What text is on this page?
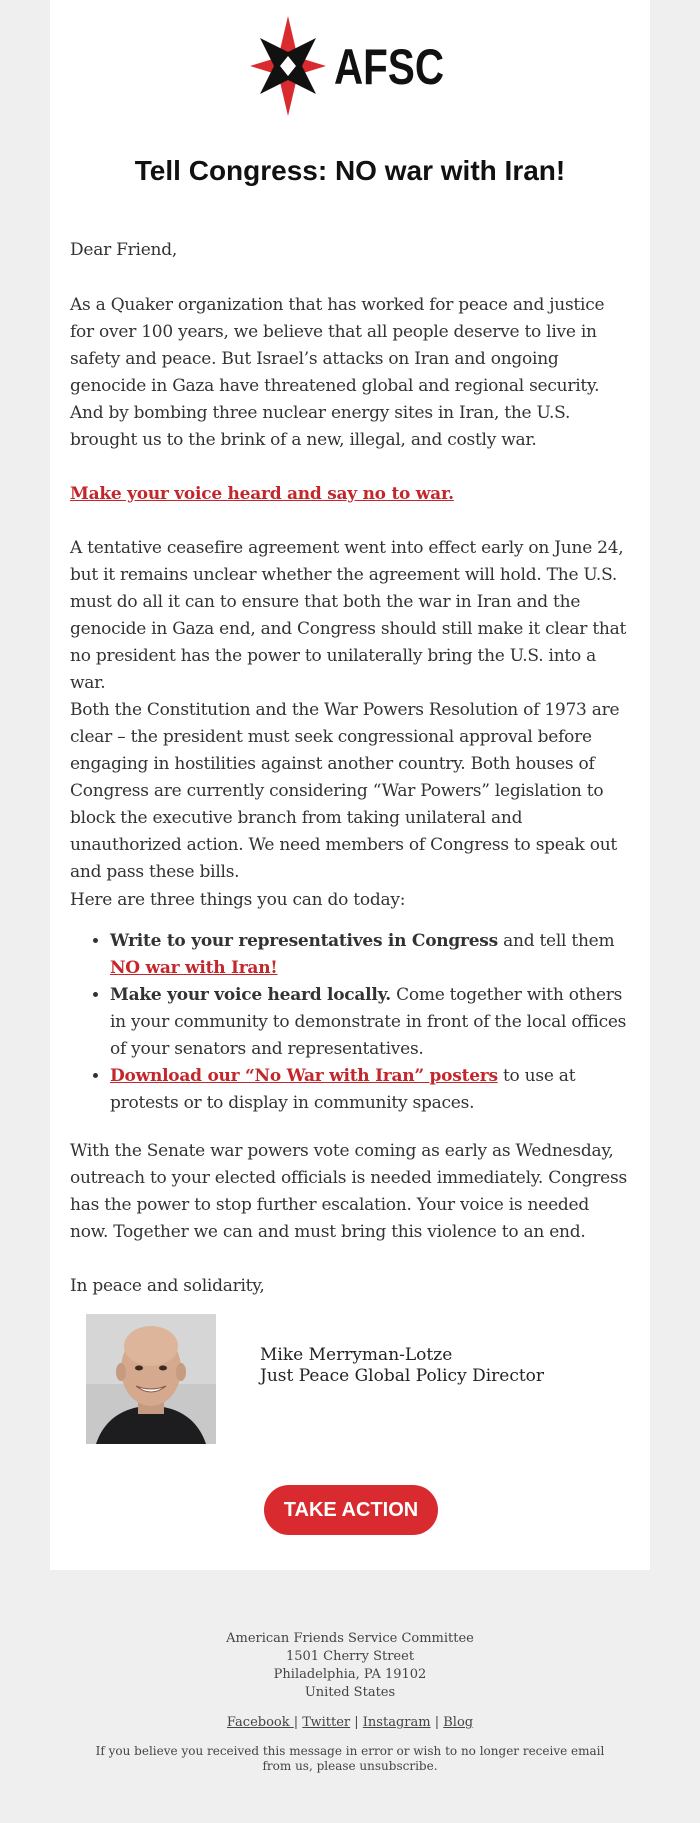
AFSC
Tell Congress: NO war with Iran!

Dear Friend,

As a Quaker organization that has worked for peace and justice for over 100 years, we believe that all people deserve to live in safety and peace. But Israel’s attacks on Iran and ongoing genocide in Gaza have threatened global and regional security. And by bombing three nuclear energy sites in Iran, the U.S. brought us to the brink of a new, illegal, and costly war.

Make your voice heard and say no to war.

A tentative ceasefire agreement went into effect early on June 24, but it remains unclear whether the agreement will hold. The U.S. must do all it can to ensure that both the war in Iran and the genocide in Gaza end, and Congress should still make it clear that no president has the power to unilaterally bring the U.S. into a war.

Both the Constitution and the War Powers Resolution of 1973 are clear – the president must seek congressional approval before engaging in hostilities against another country. Both houses of Congress are currently considering “War Powers” legislation to block the executive branch from taking unilateral and unauthorized action. We need members of Congress to speak out and pass these bills.

Here are three things you can do today:

• Write to your representatives in Congress and tell them NO war with Iran!
• Make your voice heard locally. Come together with others in your community to demonstrate in front of the local offices of your senators and representatives.
• Download our “No War with Iran” posters to use at protests or to display in community spaces.

With the Senate war powers vote coming as early as Wednesday, outreach to your elected officials is needed immediately. Congress has the power to stop further escalation. Your voice is needed now. Together we can and must bring this violence to an end.

In peace and solidarity,

Mike Merryman-Lotze
Just Peace Global Policy Director
TAKE ACTION
American Friends Service Committee
1501 Cherry Street
Philadelphia, PA 19102
United States
Facebook | Twitter | Instagram | Blog
If you believe you received this message in error or wish to no longer receive email from us, please unsubscribe.
